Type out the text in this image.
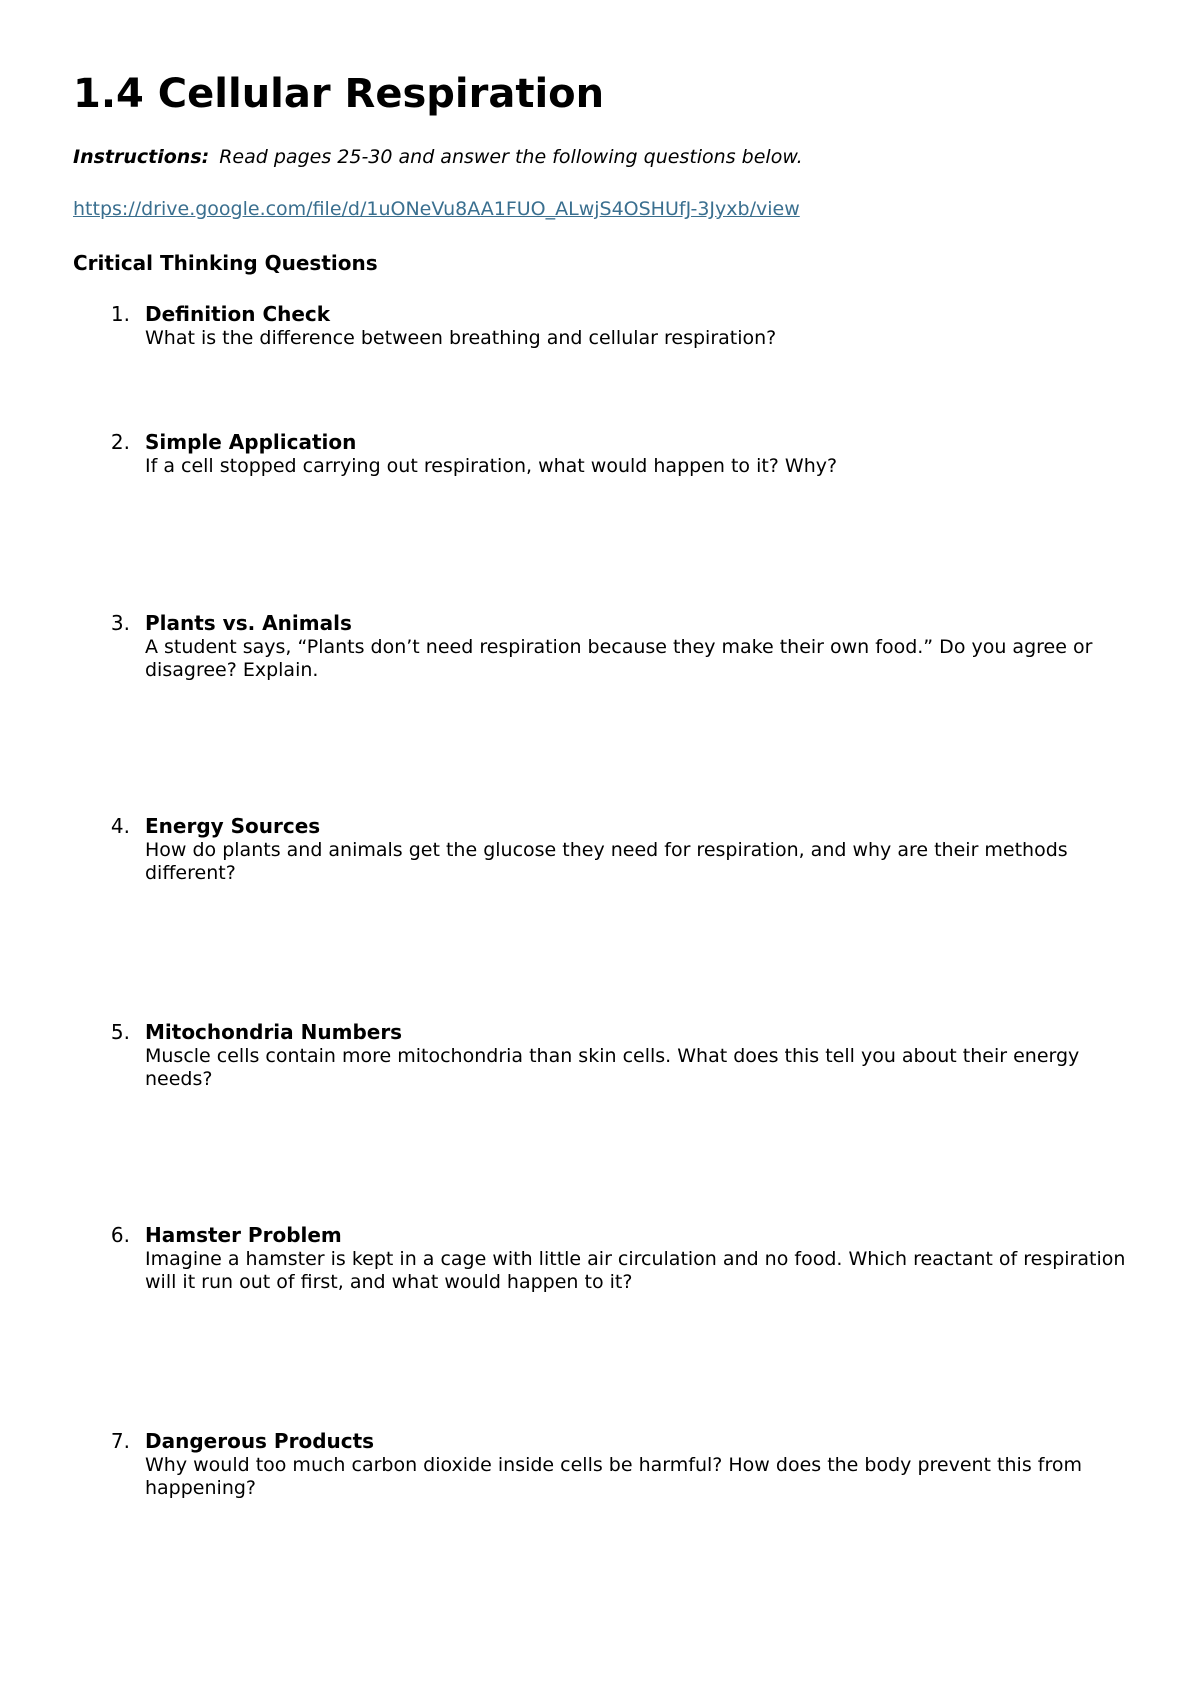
1.4 Cellular Respiration

Instructions: Read pages 25-30 and answer the following questions below.

https://drive.google.com/file/d/1uONeVu8AA1FUO_ALwjS4OSHUfJ-3Jyxb/view
Critical Thinking Questions
1. Definition Check

What is the difference between breathing and cellular respiration?

2. Simple Application

If a cell stopped carrying out respiration, what would happen to it? Why?

3. Plants vs. Animals

A student says, “Plants don’t need respiration because they make their own food.” Do you agree or disagree? Explain.

4. Energy Sources

How do plants and animals get the glucose they need for respiration, and why are their methods different?

5. Mitochondria Numbers

Muscle cells contain more mitochondria than skin cells. What does this tell you about their energy needs?

6. Hamster Problem

Imagine a hamster is kept in a cage with little air circulation and no food. Which reactant of respiration will it run out of first, and what would happen to it?

7. Dangerous Products

Why would too much carbon dioxide inside cells be harmful? How does the body prevent this from happening?
